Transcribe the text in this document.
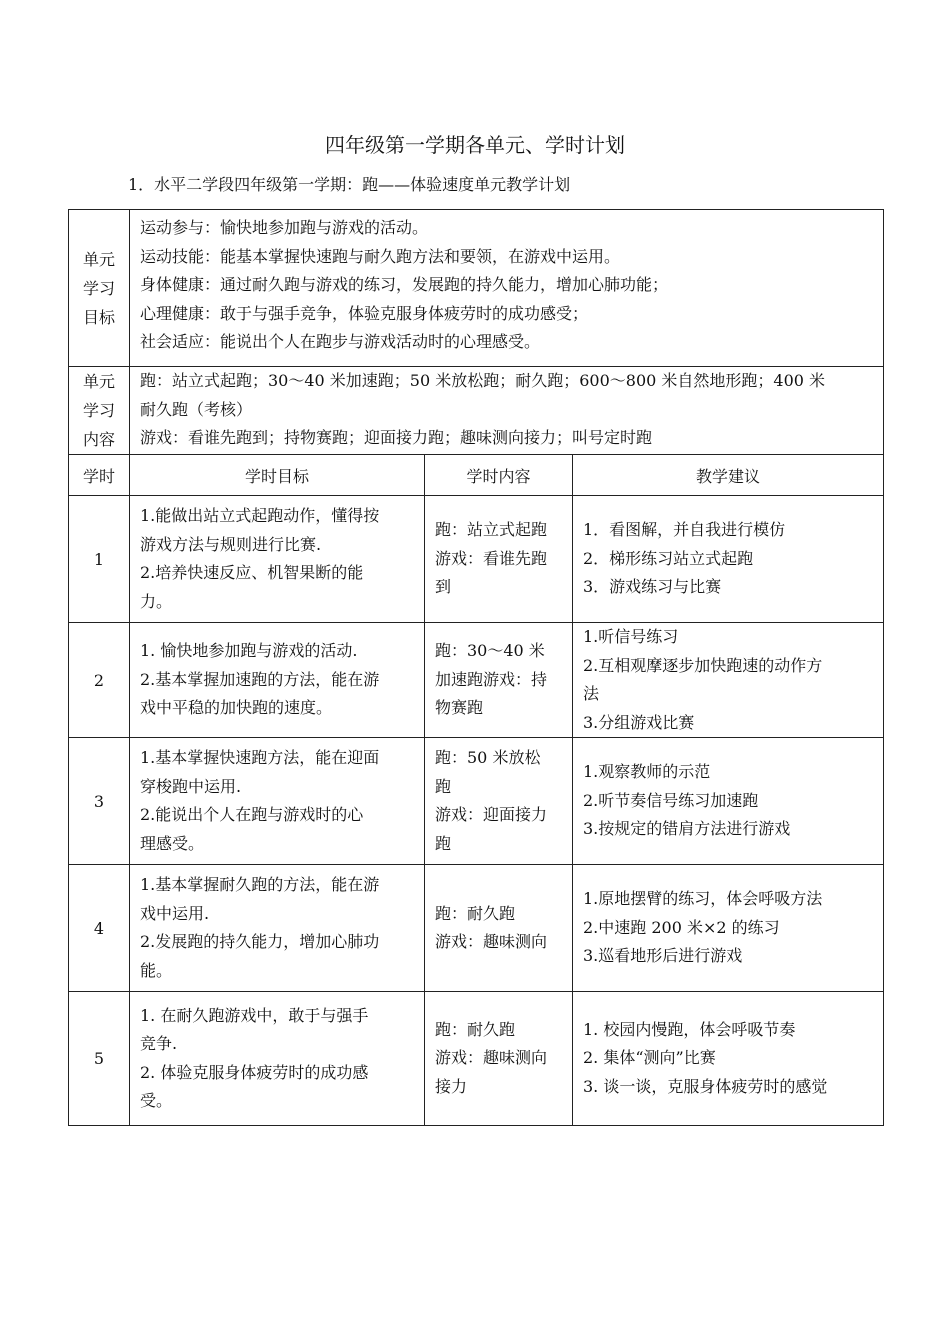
四年级第一学期各单元、学时计划
1．水平二学段四年级第一学期：跑——体验速度单元教学计划
单元
学习
目标	运动参与：愉快地参加跑与游戏的活动。
运动技能：能基本掌握快速跑与耐久跑方法和要领，在游戏中运用。
身体健康：通过耐久跑与游戏的练习，发展跑的持久能力，增加心肺功能；
心理健康：敢于与强手竞争，体验克服身体疲劳时的成功感受；
社会适应：能说出个人在跑步与游戏活动时的心理感受。		

单元
学习
内容	跑：站立式起跑；30～40 米加速跑；50 米放松跑；耐久跑；600～800 米自然地形跑；400 米
耐久跑（考核）
游戏：看谁先跑到；持物赛跑；迎面接力跑；趣味测向接力；叫号定时跑		

学时	学时目标	学时内容	教学建议
1	1.能做出站立式起跑动作，懂得按
游戏方法与规则进行比赛.
2.培养快速反应、机智果断的能
力。	跑：站立式起跑
游戏：看谁先跑
到	1．看图解，并自我进行模仿
2．梯形练习站立式起跑
3．游戏练习与比赛

2	1. 愉快地参加跑与游戏的活动.
2.基本掌握加速跑的方法，能在游
戏中平稳的加快跑的速度。	跑：30～40 米
加速跑游戏：持
物赛跑	1.听信号练习
2.互相观摩逐步加快跑速的动作方
法
3.分组游戏比赛

3	1.基本掌握快速跑方法，能在迎面
穿梭跑中运用.
2.能说出个人在跑与游戏时的心
理感受。	跑：50 米放松
跑
游戏：迎面接力
跑	1.观察教师的示范
2.听节奏信号练习加速跑
3.按规定的错肩方法进行游戏

4	1.基本掌握耐久跑的方法，能在游
戏中运用.
2.发展跑的持久能力，增加心肺功
能。	跑：耐久跑
游戏：趣味测向	1.原地摆臂的练习，体会呼吸方法
2.中速跑 200 米×2 的练习
3.巡看地形后进行游戏

5	1. 在耐久跑游戏中，敢于与强手
竞争.
2. 体验克服身体疲劳时的成功感
受。	跑：耐久跑
游戏：趣味测向
接力	1. 校园内慢跑，体会呼吸节奏
2. 集体“测向”比赛
3. 谈一谈，克服身体疲劳时的感觉
